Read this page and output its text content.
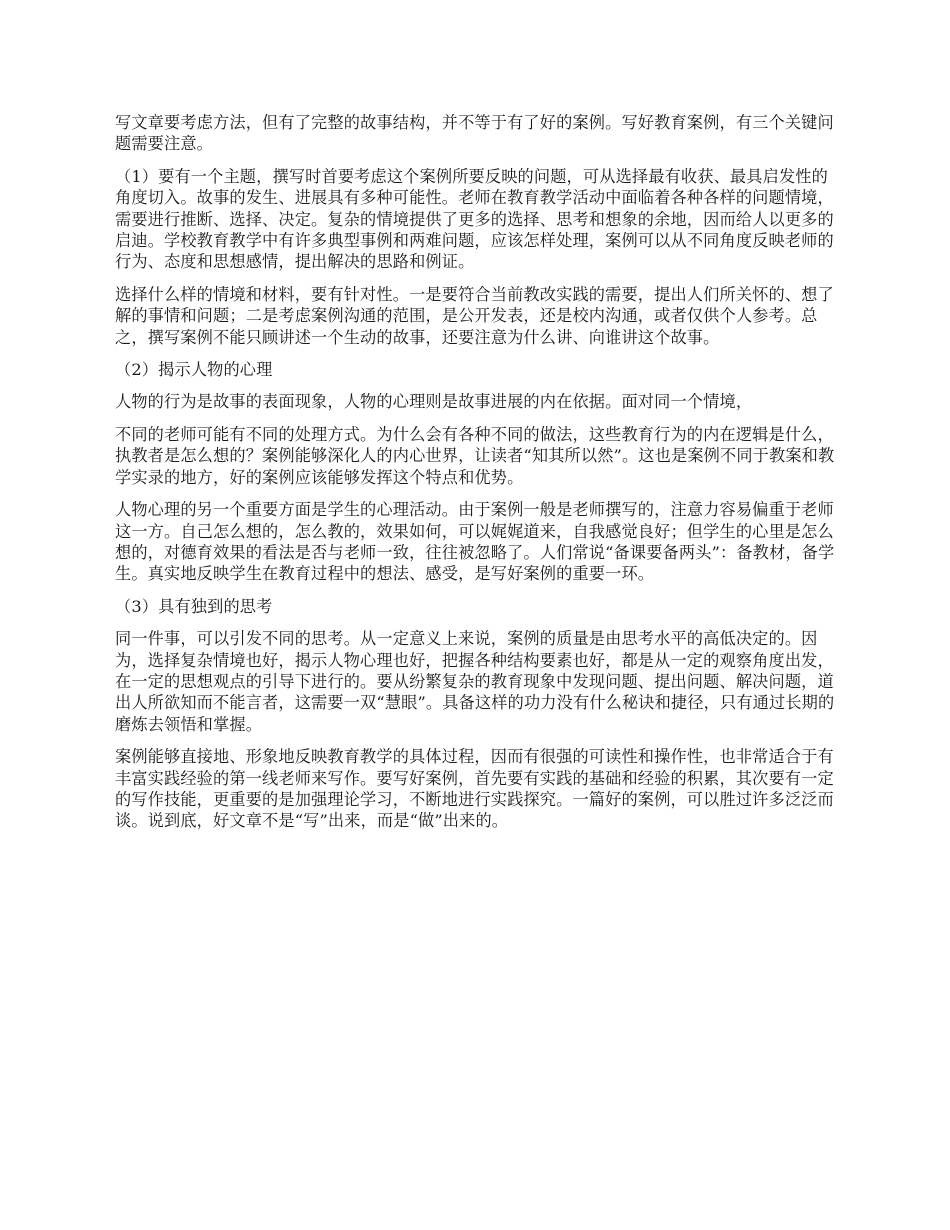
写文章要考虑方法，但有了完整的故事结构，并不等于有了好的案例。写好教育案例，有三个关键问题需要注意。

（1）要有一个主题，撰写时首要考虑这个案例所要反映的问题，可从选择最有收获、最具启发性的角度切入。故事的发生、进展具有多种可能性。老师在教育教学活动中面临着各种各样的问题情境，需要进行推断、选择、决定。复杂的情境提供了更多的选择、思考和想象的余地，因而给人以更多的启迪。学校教育教学中有许多典型事例和两难问题，应该怎样处理，案例可以从不同角度反映老师的行为、态度和思想感情，提出解决的思路和例证。

选择什么样的情境和材料，要有针对性。一是要符合当前教改实践的需要，提出人们所关怀的、想了解的事情和问题；二是考虑案例沟通的范围，是公开发表，还是校内沟通，或者仅供个人参考。总之，撰写案例不能只顾讲述一个生动的故事，还要注意为什么讲、向谁讲这个故事。

（2）揭示人物的心理

人物的行为是故事的表面现象，人物的心理则是故事进展的内在依据。面对同一个情境，

不同的老师可能有不同的处理方式。为什么会有各种不同的做法，这些教育行为的内在逻辑是什么，执教者是怎么想的？案例能够深化人的内心世界，让读者“知其所以然”。这也是案例不同于教案和教学实录的地方，好的案例应该能够发挥这个特点和优势。

人物心理的另一个重要方面是学生的心理活动。由于案例一般是老师撰写的，注意力容易偏重于老师这一方。自己怎么想的，怎么教的，效果如何，可以娓娓道来，自我感觉良好；但学生的心里是怎么想的，对德育效果的看法是否与老师一致，往往被忽略了。人们常说“备课要备两头”：备教材，备学生。真实地反映学生在教育过程中的想法、感受，是写好案例的重要一环。

（3）具有独到的思考

同一件事，可以引发不同的思考。从一定意义上来说，案例的质量是由思考水平的高低决定的。因为，选择复杂情境也好，揭示人物心理也好，把握各种结构要素也好，都是从一定的观察角度出发，在一定的思想观点的引导下进行的。要从纷繁复杂的教育现象中发现问题、提出问题、解决问题，道出人所欲知而不能言者，这需要一双“慧眼”。具备这样的功力没有什么秘诀和捷径，只有通过长期的磨炼去领悟和掌握。

案例能够直接地、形象地反映教育教学的具体过程，因而有很强的可读性和操作性，也非常适合于有丰富实践经验的第一线老师来写作。要写好案例，首先要有实践的基础和经验的积累，其次要有一定的写作技能，更重要的是加强理论学习，不断地进行实践探究。一篇好的案例，可以胜过许多泛泛而谈。说到底，好文章不是“写”出来，而是“做”出来的。
